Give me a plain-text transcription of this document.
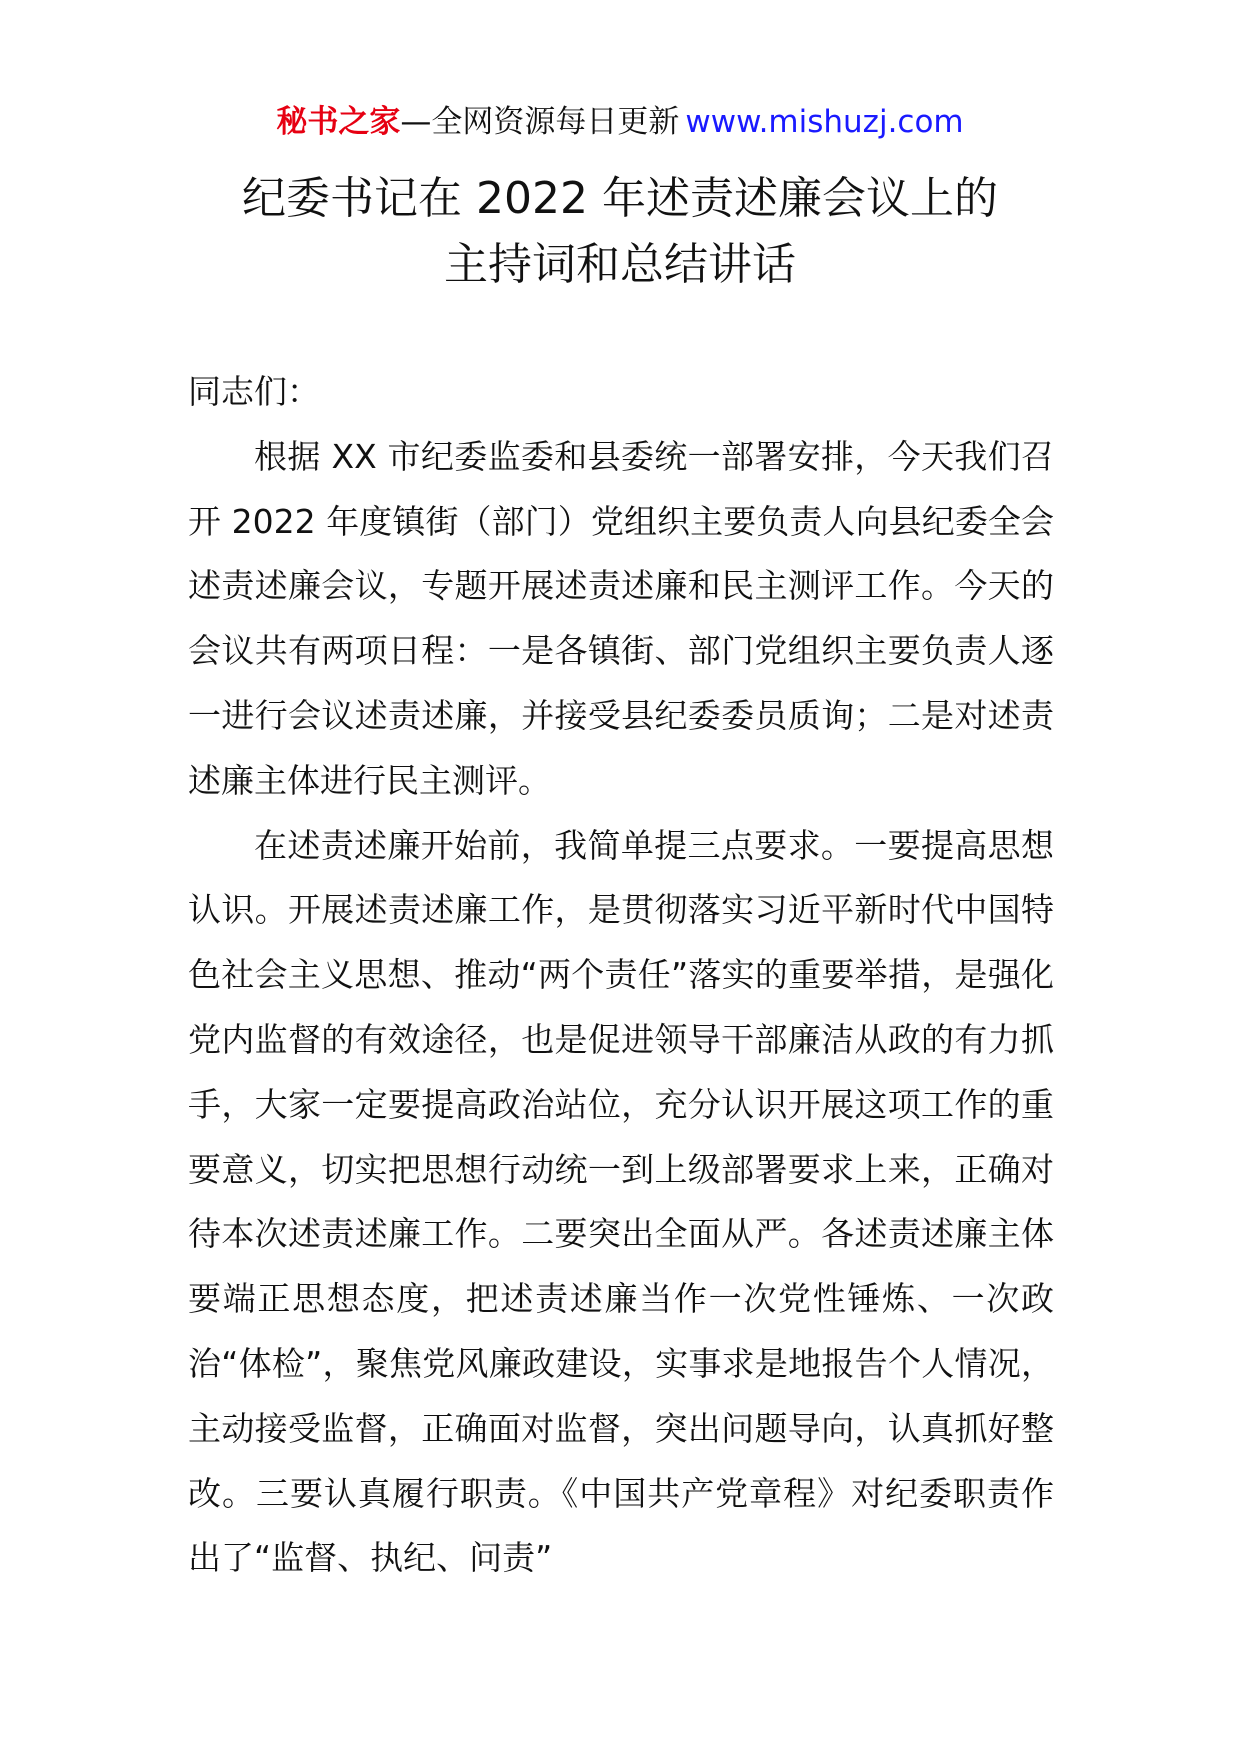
秘书之家—全网资源每日更新 www.mishuzj.com
纪委书记在 2022 年述责述廉会议上的
主持词和总结讲话

同志们：

根据 XX 市纪委监委和县委统一部署安排，今天我们召开 2022 年度镇街（部门）党组织主要负责人向县纪委全会述责述廉会议，专题开展述责述廉和民主测评工作。今天的会议共有两项日程：一是各镇街、部门党组织主要负责人逐一进行会议述责述廉，并接受县纪委委员质询；二是对述责述廉主体进行民主测评。

在述责述廉开始前，我简单提三点要求。一要提高思想认识。开展述责述廉工作，是贯彻落实习近平新时代中国特色社会主义思想、推动“两个责任”落实的重要举措，是强化党内监督的有效途径，也是促进领导干部廉洁从政的有力抓手，大家一定要提高政治站位，充分认识开展这项工作的重要意义，切实把思想行动统一到上级部署要求上来，正确对待本次述责述廉工作。二要突出全面从严。各述责述廉主体要端正思想态度，把述责述廉当作一次党性锤炼、一次政治“体检”，聚焦党风廉政建设，实事求是地报告个人情况，主动接受监督，正确面对监督，突出问题导向，认真抓好整改。三要认真履行职责。《中国共产党章程》对纪委职责作出了“监督、执纪、问责”
